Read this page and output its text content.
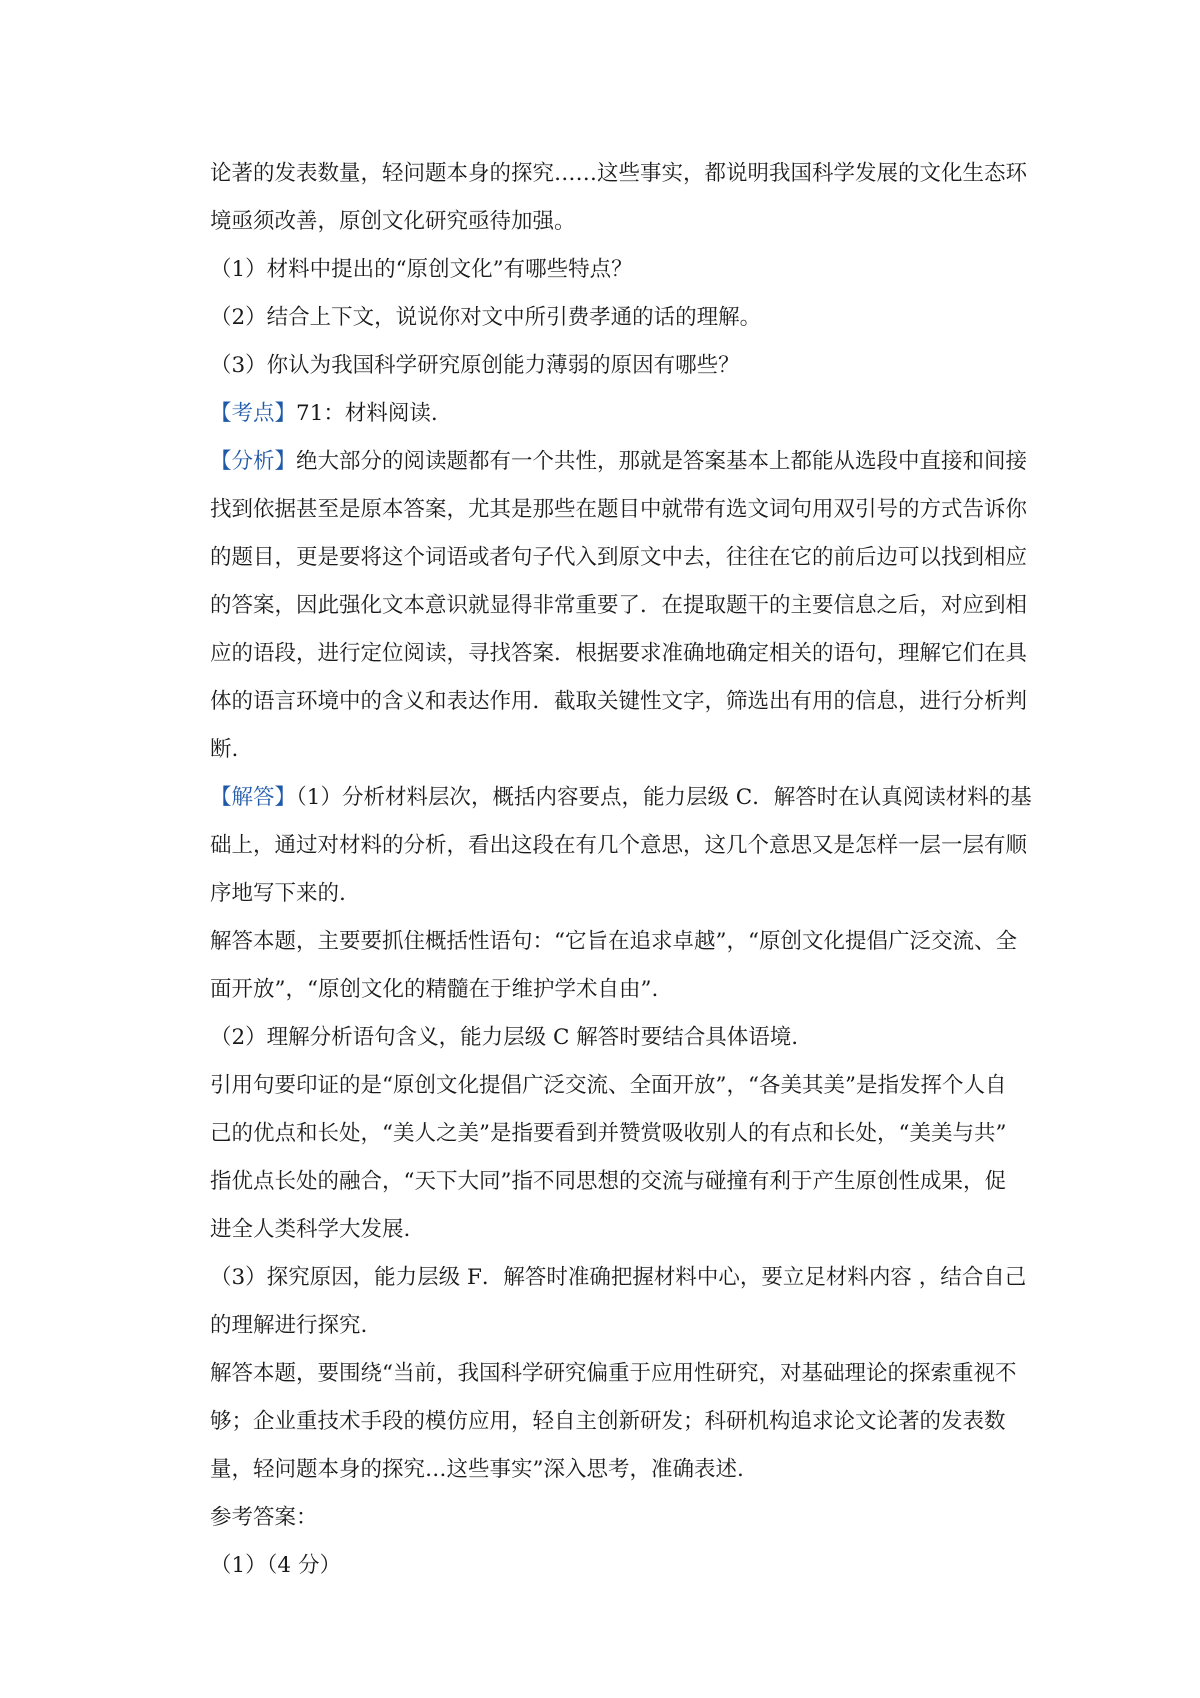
论著的发表数量，轻问题本身的探究……这些事实，都说明我国科学发展的文化生态环
境亟须改善，原创文化研究亟待加强。
（1）材料中提出的“原创文化”有哪些特点？
（2）结合上下文，说说你对文中所引费孝通的话的理解。
（3）你认为我国科学研究原创能力薄弱的原因有哪些？
【考点】71：材料阅读.
【分析】绝大部分的阅读题都有一个共性，那就是答案基本上都能从选段中直接和间接
找到依据甚至是原本答案，尤其是那些在题目中就带有选文词句用双引号的方式告诉你
的题目，更是要将这个词语或者句子代入到原文中去，往往在它的前后边可以找到相应
的答案，因此强化文本意识就显得非常重要了．在提取题干的主要信息之后，对应到相
应的语段，进行定位阅读，寻找答案．根据要求准确地确定相关的语句，理解它们在具
体的语言环境中的含义和表达作用．截取关键性文字，筛选出有用的信息，进行分析判
断.
【解答】（1）分析材料层次，概括内容要点，能力层级 C．解答时在认真阅读材料的基
础上，通过对材料的分析，看出这段在有几个意思，这几个意思又是怎样一层一层有顺
序地写下来的.
解答本题，主要要抓住概括性语句：“它旨在追求卓越”，“原创文化提倡广泛交流、全
面开放”，“原创文化的精髓在于维护学术自由”.
（2）理解分析语句含义，能力层级 C 解答时要结合具体语境.
引用句要印证的是“原创文化提倡广泛交流、全面开放”，“各美其美”是指发挥个人自
己的优点和长处，“美人之美”是指要看到并赞赏吸收别人的有点和长处，“美美与共”
指优点长处的融合，“天下大同”指不同思想的交流与碰撞有利于产生原创性成果，促
进全人类科学大发展.
（3）探究原因，能力层级 F．解答时准确把握材料中心，要立足材料内容 ，结合自己
的理解进行探究.
解答本题，要围绕“当前，我国科学研究偏重于应用性研究，对基础理论的探索重视不
够；企业重技术手段的模仿应用，轻自主创新研发；科研机构追求论文论著的发表数
量，轻问题本身的探究…这些事实”深入思考，准确表述.
参考答案：
（1）（4 分）
